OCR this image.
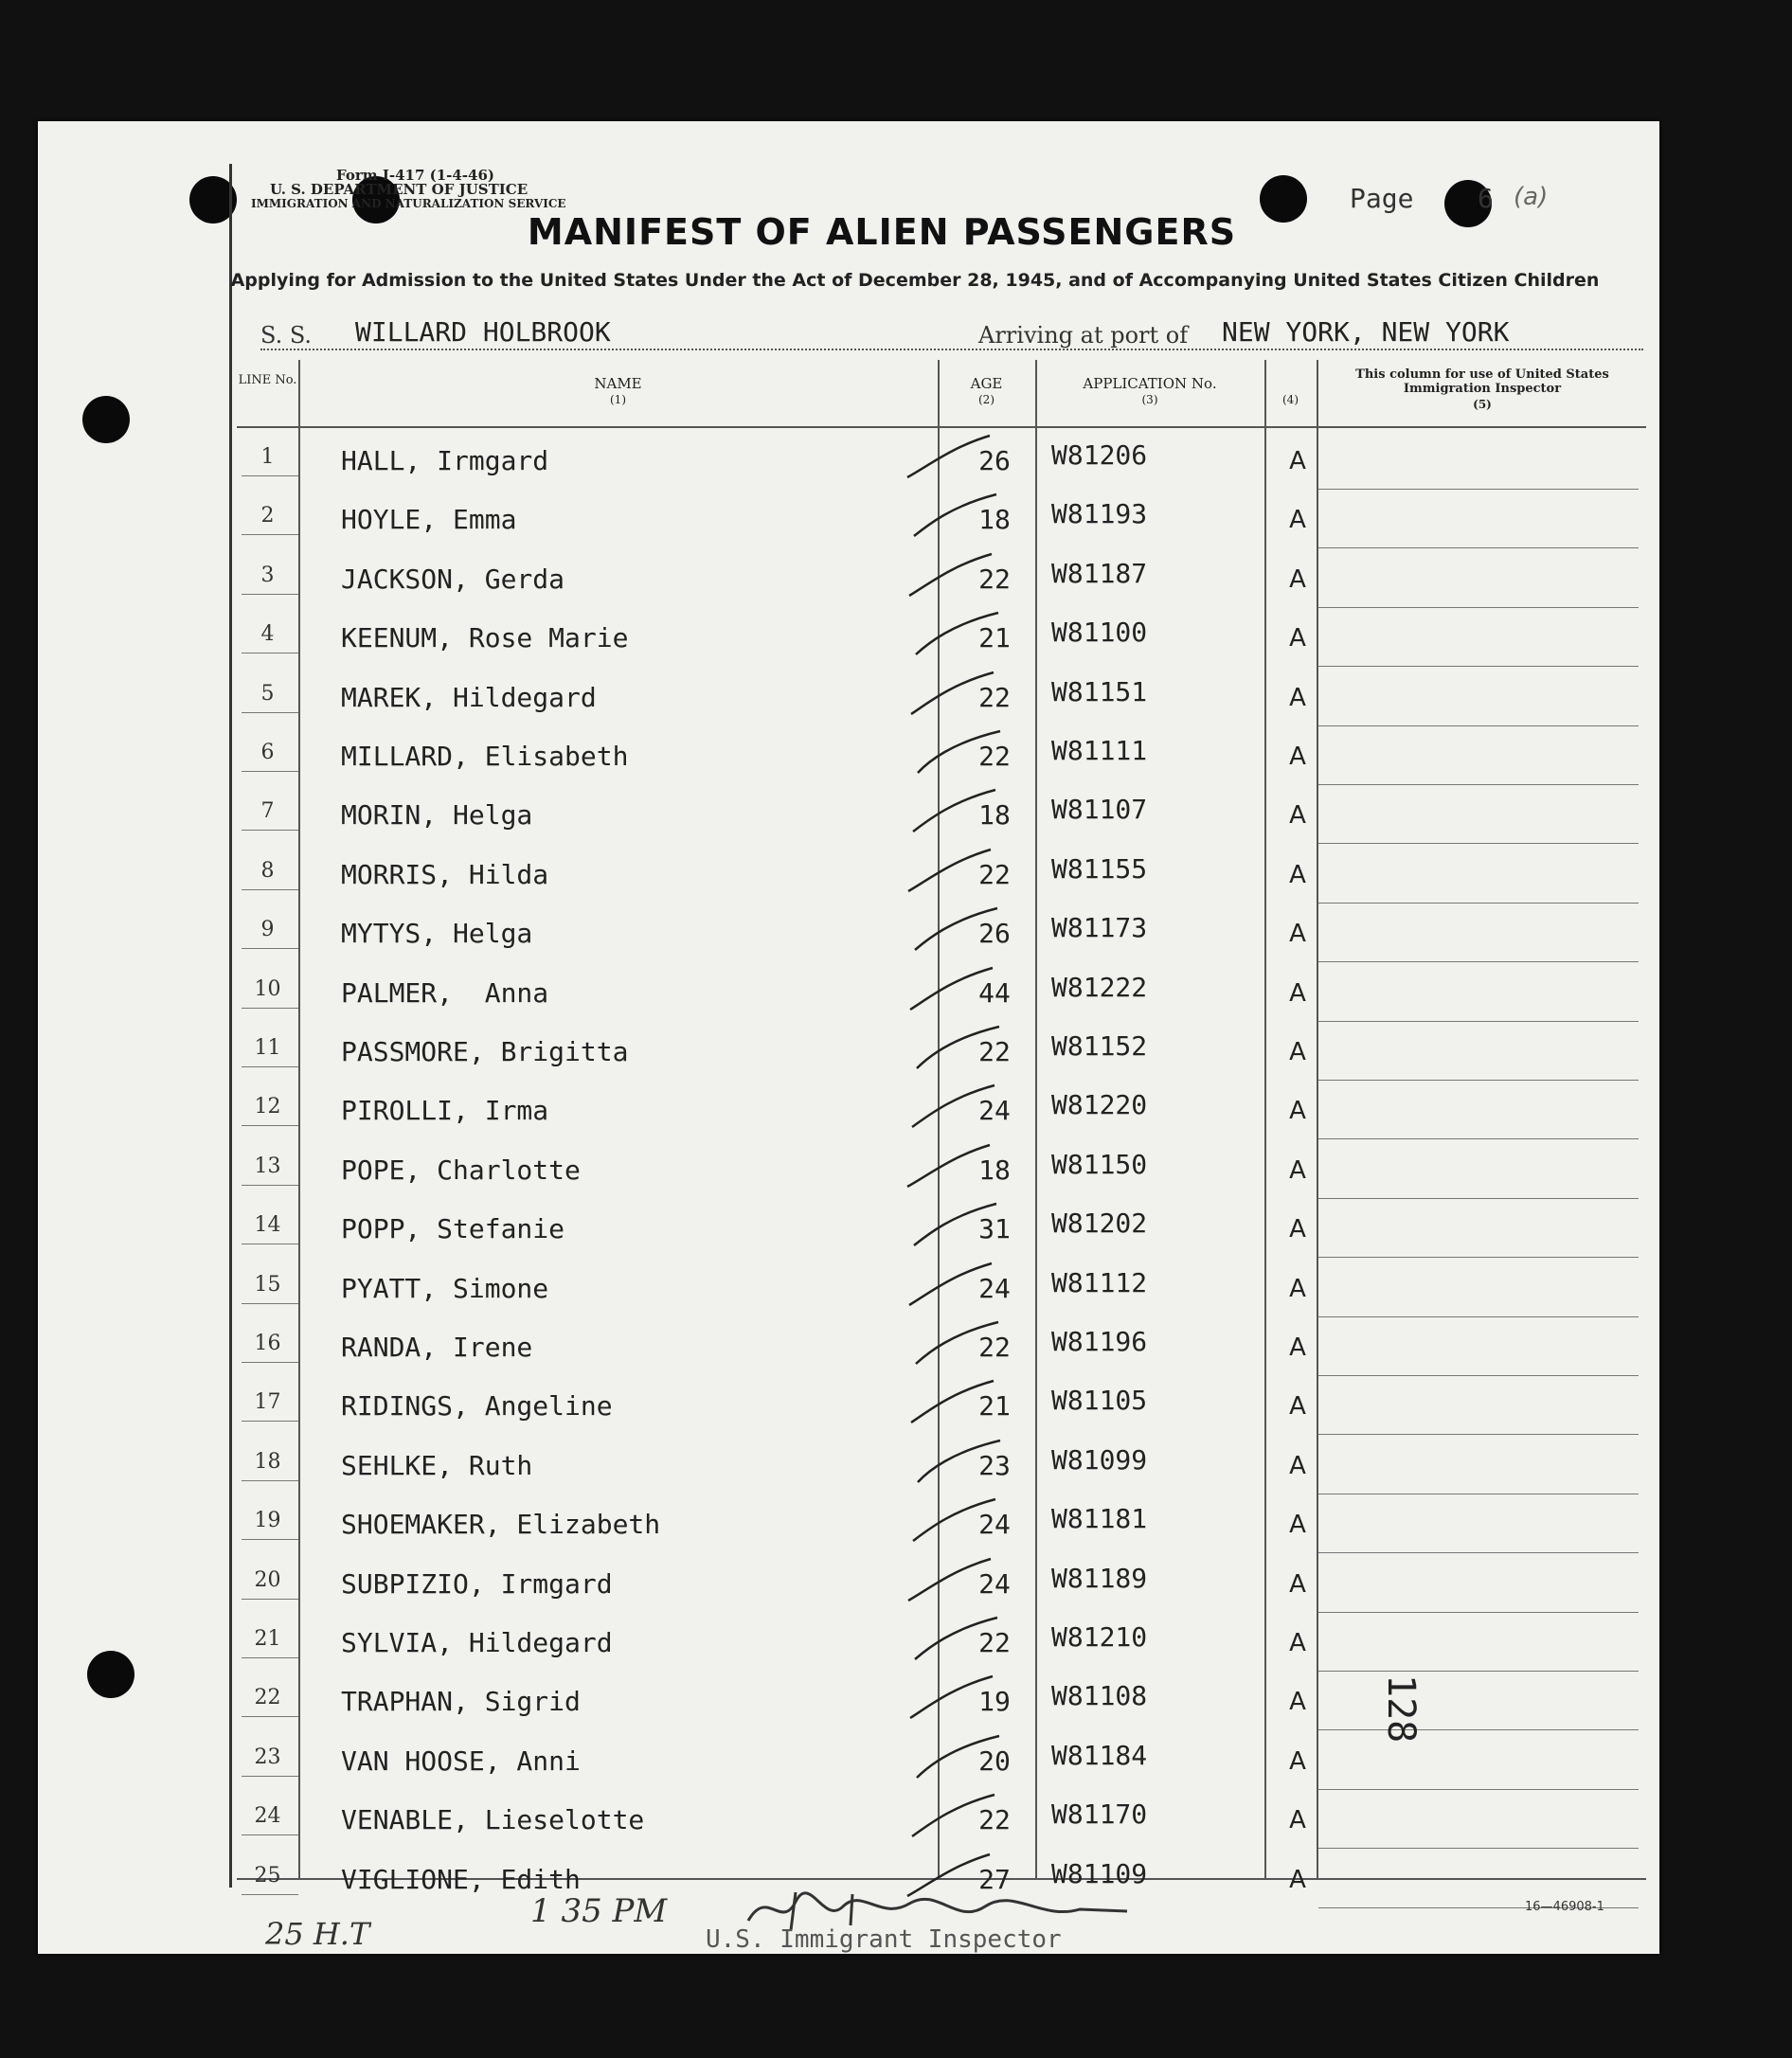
Form I-417 (1-4-46)
U. S. DEPARTMENT OF JUSTICE
IMMIGRATION AND NATURALIZATION SERVICE	Page 6 (a)
MANIFEST OF ALIEN PASSENGERS
Applying for Admission to the United States Under the Act of December 28, 1945, and of Accompanying United States Citizen Children
S. S. WILLARD HOLBROOK	Arriving at port of NEW YORK, NEW YORK
LINE No.	NAME
(1)
AGE
(2)
APPLICATION No.
(3)	(4)
This column for use of United States Immigration Inspector
(5)
1	HALL, Irmgard	26	W81206	A
2	HOYLE, Emma	18	W81193	A
3	JACKSON, Gerda	22	W81187	A
4	KEENUM, Rose Marie	21	W81100	A
5	MAREK, Hildegard	22	W81151	A
6	MILLARD, Elisabeth	22	W81111	A
7	MORIN, Helga	18	W81107	A
8	MORRIS, Hilda	22	W81155	A
9	MYTYS, Helga	26	W81173	A
10	PALMER,  Anna	44	W81222	A
11	PASSMORE, Brigitta	22	W81152	A
12	PIROLLI, Irma	24	W81220	A
13	POPE, Charlotte	18	W81150	A
14	POPP, Stefanie	31	W81202	A
15	PYATT, Simone	24	W81112	A
16	RANDA, Irene	22	W81196	A
17	RIDINGS, Angeline	21	W81105	A
18	SEHLKE, Ruth	23	W81099	A
19	SHOEMAKER, Elizabeth	24	W81181	A
20	SUBPIZIO, Irmgard	24	W81189	A
21	SYLVIA, Hildegard	22	W81210	A
22	TRAPHAN, Sigrid	19	W81108	A
23	VAN HOOSE, Anni	20	W81184	A
24	VENABLE, Lieselotte	22	W81170	A
25	VIGLIONE, Edith	27	W81109	A
128
16—46908-1
25 H.T
1 35 PM
U.S. Immigrant Inspector
